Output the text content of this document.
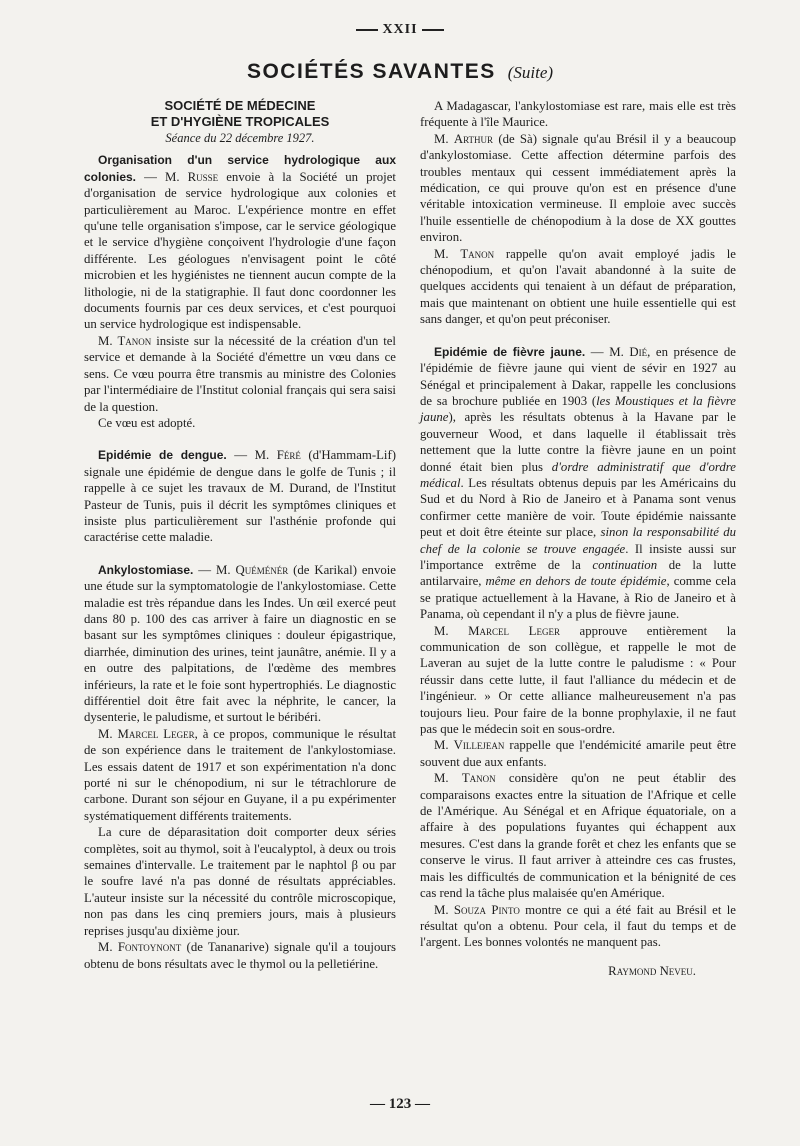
XXII
SOCIÉTÉS SAVANTES (Suite)
SOCIÉTÉ DE MÉDECINE
ET D'HYGIÈNE TROPICALES
Séance du 22 décembre 1927.

Organisation d'un service hydrologique aux colonies. — M. Russe envoie à la Société un projet d'organisation de service hydrologique aux colonies et particulièrement au Maroc. L'expérience montre en effet qu'une telle organisation s'impose, car le service géologique et le service d'hygiène conçoivent l'hydrologie d'une façon différente. Les géologues n'envisagent point le côté microbien et les hygiénistes ne tiennent aucun compte de la lithologie, ni de la statigraphie. Il faut donc coordonner les documents fournis par ces deux services, et c'est pourquoi un service hydrologique est indispensable.

M. Tanon insiste sur la nécessité de la création d'un tel service et demande à la Société d'émettre un vœu dans ce sens. Ce vœu pourra être transmis au ministre des Colonies par l'intermédiaire de l'Institut colonial français qui sera saisi de la question.

Ce vœu est adopté.

Epidémie de dengue. — M. Féré (d'Hammam-Lif) signale une épidémie de dengue dans le golfe de Tunis ; il rappelle à ce sujet les travaux de M. Durand, de l'Institut Pasteur de Tunis, puis il décrit les symptômes cliniques et insiste plus particulièrement sur l'asthénie profonde qui caractérise cette maladie.

Ankylostomiase. — M. Quéménér (de Karikal) envoie une étude sur la symptomatologie de l'ankylostomiase. Cette maladie est très répandue dans les Indes. Un œil exercé peut dans 80 p. 100 des cas arriver à faire un diagnostic en se basant sur les symptômes cliniques : douleur épigastrique, diarrhée, diminution des urines, teint jaunâtre, anémie. Il y a en outre des palpitations, de l'œdème des membres inférieurs, la rate et le foie sont hypertrophiés. Le diagnostic différentiel doit être fait avec la néphrite, le cancer, la dysenterie, le paludisme, et surtout le béribéri.

M. Marcel Leger, à ce propos, communique le résultat de son expérience dans le traitement de l'ankylostomiase. Les essais datent de 1917 et son expérimentation n'a donc porté ni sur le chénopodium, ni sur le tétrachlorure de carbone. Durant son séjour en Guyane, il a pu expérimenter systématiquement différents traitements.

La cure de déparasitation doit comporter deux séries complètes, soit au thymol, soit à l'eucalyptol, à deux ou trois semaines d'intervalle. Le traitement par le naphtol β ou par le soufre lavé n'a pas donné de résultats appréciables. L'auteur insiste sur la nécessité du contrôle microscopique, non pas dans les cinq premiers jours, mais à plusieurs reprises jusqu'au dixième jour.

M. Fontoynont (de Tananarive) signale qu'il a toujours obtenu de bons résultats avec le thymol ou la pelletiérine.

A Madagascar, l'ankylostomiase est rare, mais elle est très fréquente à l'île Maurice.

M. Arthur (de Sà) signale qu'au Brésil il y a beaucoup d'ankylostomiase. Cette affection détermine parfois des troubles mentaux qui cessent immédiatement après la médication, ce qui prouve qu'on est en présence d'une véritable intoxication vermineuse. Il emploie avec succès l'huile essentielle de chénopodium à la dose de XX gouttes environ.

M. Tanon rappelle qu'on avait employé jadis le chénopodium, et qu'on l'avait abandonné à la suite de quelques accidents qui tenaient à un défaut de préparation, mais que maintenant on obtient une huile essentielle qui est sans danger, et qu'on peut préconiser.

Epidémie de fièvre jaune. — M. Dié, en présence de l'épidémie de fièvre jaune qui vient de sévir en 1927 au Sénégal et principalement à Dakar, rappelle les conclusions de sa brochure publiée en 1903 (les Moustiques et la fièvre jaune), après les résultats obtenus à la Havane par le gouverneur Wood, et dans laquelle il établissait très nettement que la lutte contre la fièvre jaune en un point donné était bien plus d'ordre administratif que d'ordre médical. Les résultats obtenus depuis par les Américains du Sud et du Nord à Rio de Janeiro et à Panama sont venus confirmer cette manière de voir. Toute épidémie naissante peut et doit être éteinte sur place, sinon la responsabilité du chef de la colonie se trouve engagée. Il insiste aussi sur l'importance extrême de la continuation de la lutte antilarvaire, même en dehors de toute épidémie, comme cela se pratique actuellement à la Havane, à Rio de Janeiro et à Panama, où cependant il n'y a plus de fièvre jaune.

M. Marcel Leger approuve entièrement la communication de son collègue, et rappelle le mot de Laveran au sujet de la lutte contre le paludisme : « Pour réussir dans cette lutte, il faut l'alliance du médecin et de l'ingénieur. » Or cette alliance malheureusement n'a pas toujours lieu. Pour faire de la bonne prophylaxie, il ne faut pas que le médecin soit en sous-ordre.

M. Villejean rappelle que l'endémicité amarile peut être souvent due aux enfants.

M. Tanon considère qu'on ne peut établir des comparaisons exactes entre la situation de l'Afrique et celle de l'Amérique. Au Sénégal et en Afrique équatoriale, on a affaire à des populations fuyantes qui échappent aux mesures. C'est dans la grande forêt et chez les enfants que se conserve le virus. Il faut arriver à atteindre ces cas frustes, mais les difficultés de communication et la bénignité de ces cas rend la tâche plus malaisée qu'en Amérique.

M. Souza Pinto montre ce qui a été fait au Brésil et le résultat qu'on a obtenu. Pour cela, il faut du temps et de l'argent. Les bonnes volontés ne manquent pas.

Raymond Neveu.

— 123 —
